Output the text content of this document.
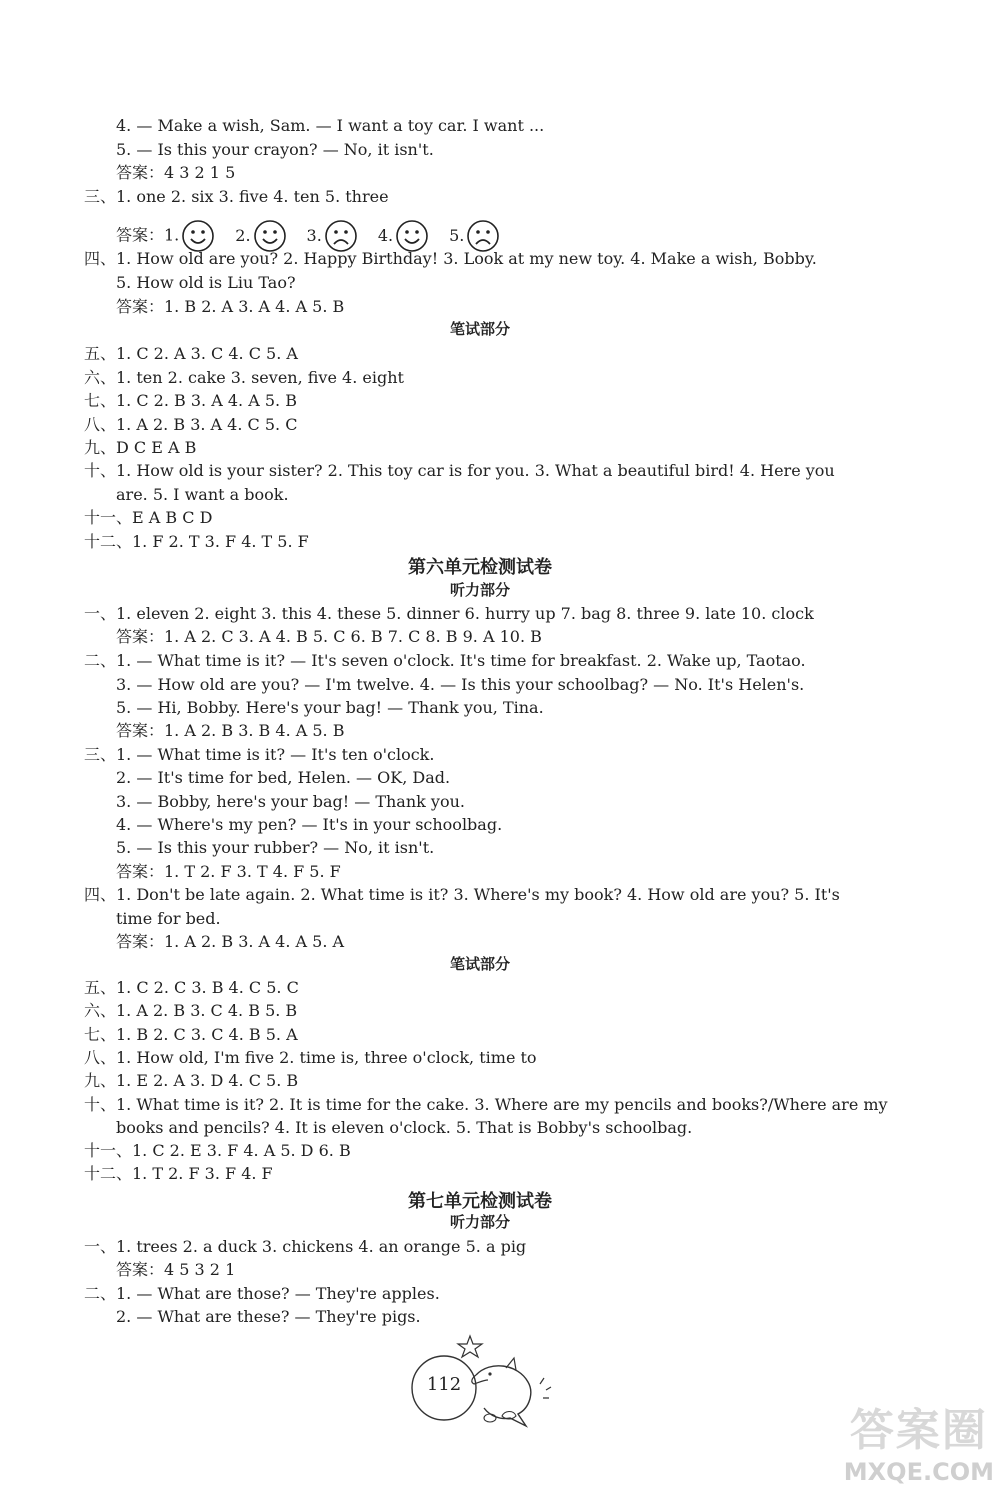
4. — Make a wish, Sam. — I want a toy car. I want ...
5. — Is this your crayon? — No, it isn't.
答案：4 3 2 1 5
三、1. one 2. six 3. five 4. ten 5. three
答案：1.	2.	3.	4.	5.
四、1. How old are you? 2. Happy Birthday! 3. Look at my new toy. 4. Make a wish, Bobby.
5. How old is Liu Tao?
答案：1. B 2. A 3. A 4. A 5. B
五、1. C 2. A 3. C 4. C 5. A
六、1. ten 2. cake 3. seven, five 4. eight
七、1. C 2. B 3. A 4. A 5. B
八、1. A 2. B 3. A 4. C 5. C
九、D C E A B
十、1. How old is your sister? 2. This toy car is for you. 3. What a beautiful bird! 4. Here you
are. 5. I want a book.
十一、E A B C D
十二、1. F 2. T 3. F 4. T 5. F
一、1. eleven 2. eight 3. this 4. these 5. dinner 6. hurry up 7. bag 8. three 9. late 10. clock
答案：1. A 2. C 3. A 4. B 5. C 6. B 7. C 8. B 9. A 10. B
二、1. — What time is it? — It's seven o'clock. It's time for breakfast. 2. Wake up, Taotao.
3. — How old are you? — I'm twelve. 4. — Is this your schoolbag? — No. It's Helen's.
5. — Hi, Bobby. Here's your bag! — Thank you, Tina.
答案：1. A 2. B 3. B 4. A 5. B
三、1. — What time is it? — It's ten o'clock.
2. — It's time for bed, Helen. — OK, Dad.
3. — Bobby, here's your bag! — Thank you.
4. — Where's my pen? — It's in your schoolbag.
5. — Is this your rubber? — No, it isn't.
答案：1. T 2. F 3. T 4. F 5. F
四、1. Don't be late again. 2. What time is it? 3. Where's my book? 4. How old are you? 5. It's
time for bed.
答案：1. A 2. B 3. A 4. A 5. A
五、1. C 2. C 3. B 4. C 5. C
六、1. A 2. B 3. C 4. B 5. B
七、1. B 2. C 3. C 4. B 5. A
八、1. How old, I'm five 2. time is, three o'clock, time to
九、1. E 2. A 3. D 4. C 5. B
十、1. What time is it? 2. It is time for the cake. 3. Where are my pencils and books?/Where are my
books and pencils? 4. It is eleven o'clock. 5. That is Bobby's schoolbag.
十一、1. C 2. E 3. F 4. A 5. D 6. B
十二、1. T 2. F 3. F 4. F
一、1. trees 2. a duck 3. chickens 4. an orange 5. a pig
答案：4 5 3 2 1
二、1. — What are those? — They're apples.
2. — What are these? — They're pigs.
笔试部分
第六单元检测试卷
听力部分
笔试部分
第七单元检测试卷
听力部分
112
答案圈
MXQE.COM
